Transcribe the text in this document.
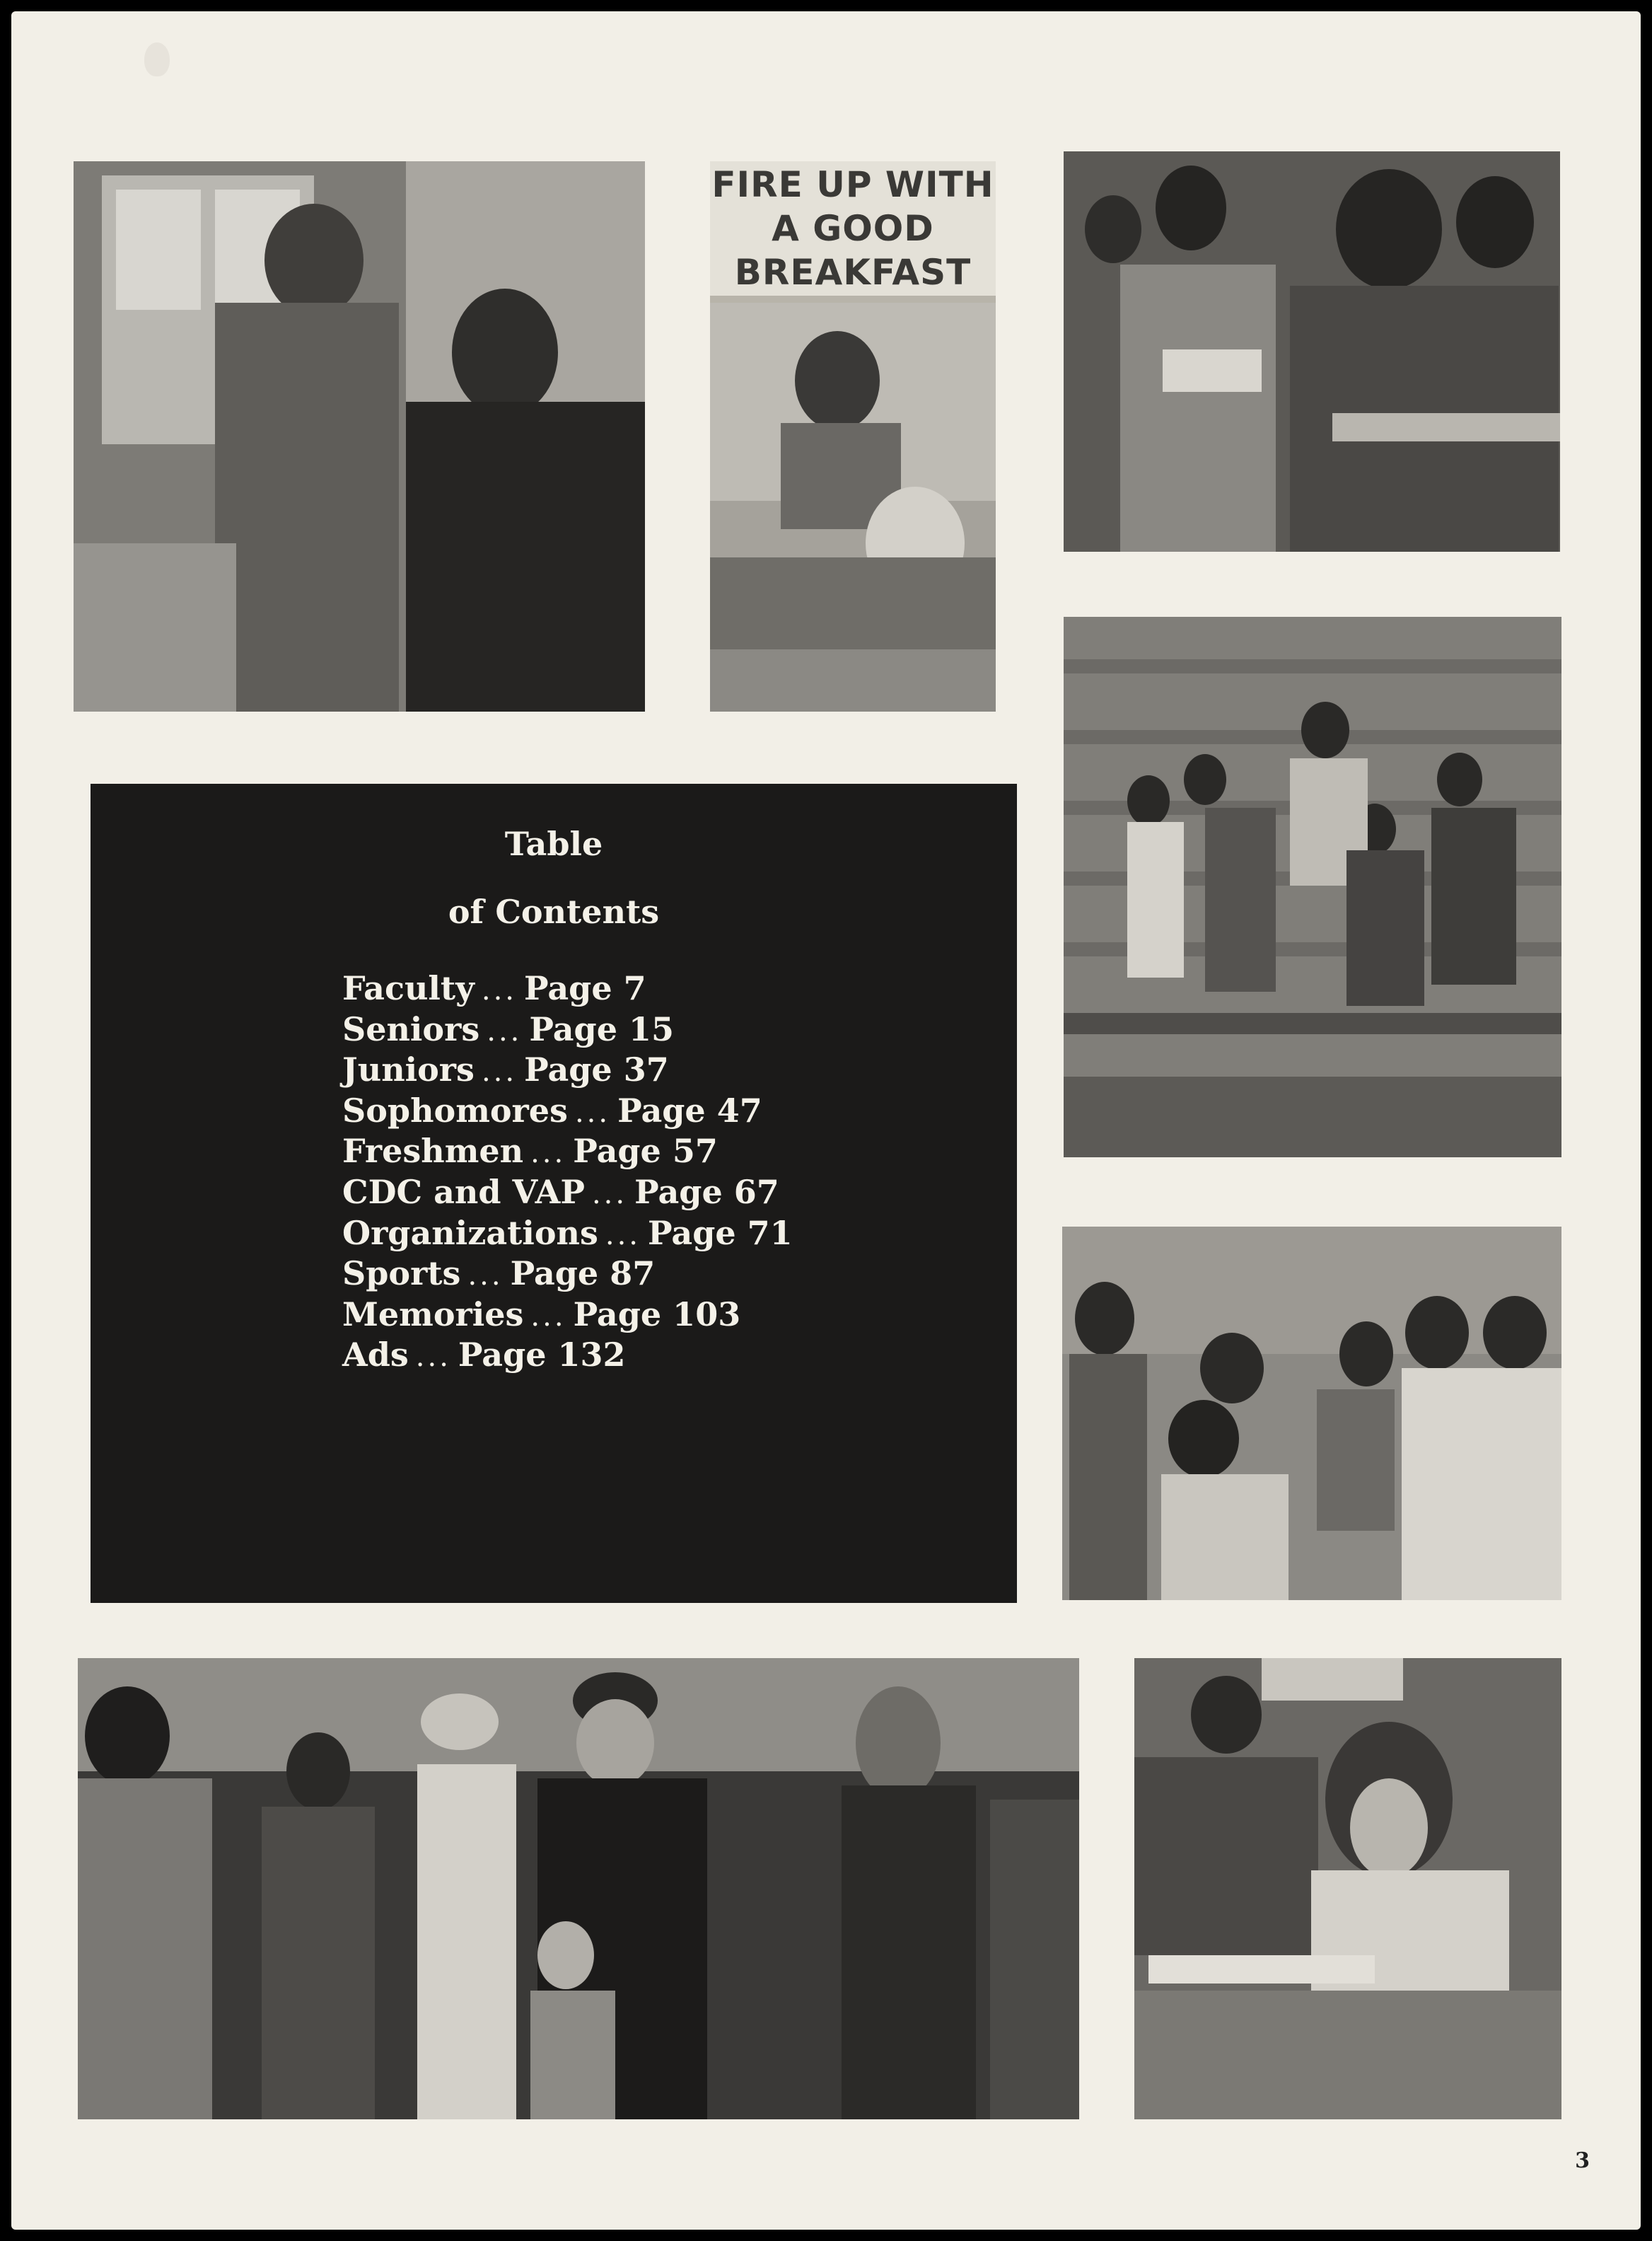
FIRE UP WITH
A GOOD
BREAKFAST
Table
of Contents
Faculty ... Page 7
Seniors ... Page 15
Juniors ... Page 37
Sophomores ... Page 47
Freshmen ... Page 57
CDC and VAP ... Page 67
Organizations ... Page 71
Sports ... Page 87
Memories ... Page 103
Ads ... Page 132
3
